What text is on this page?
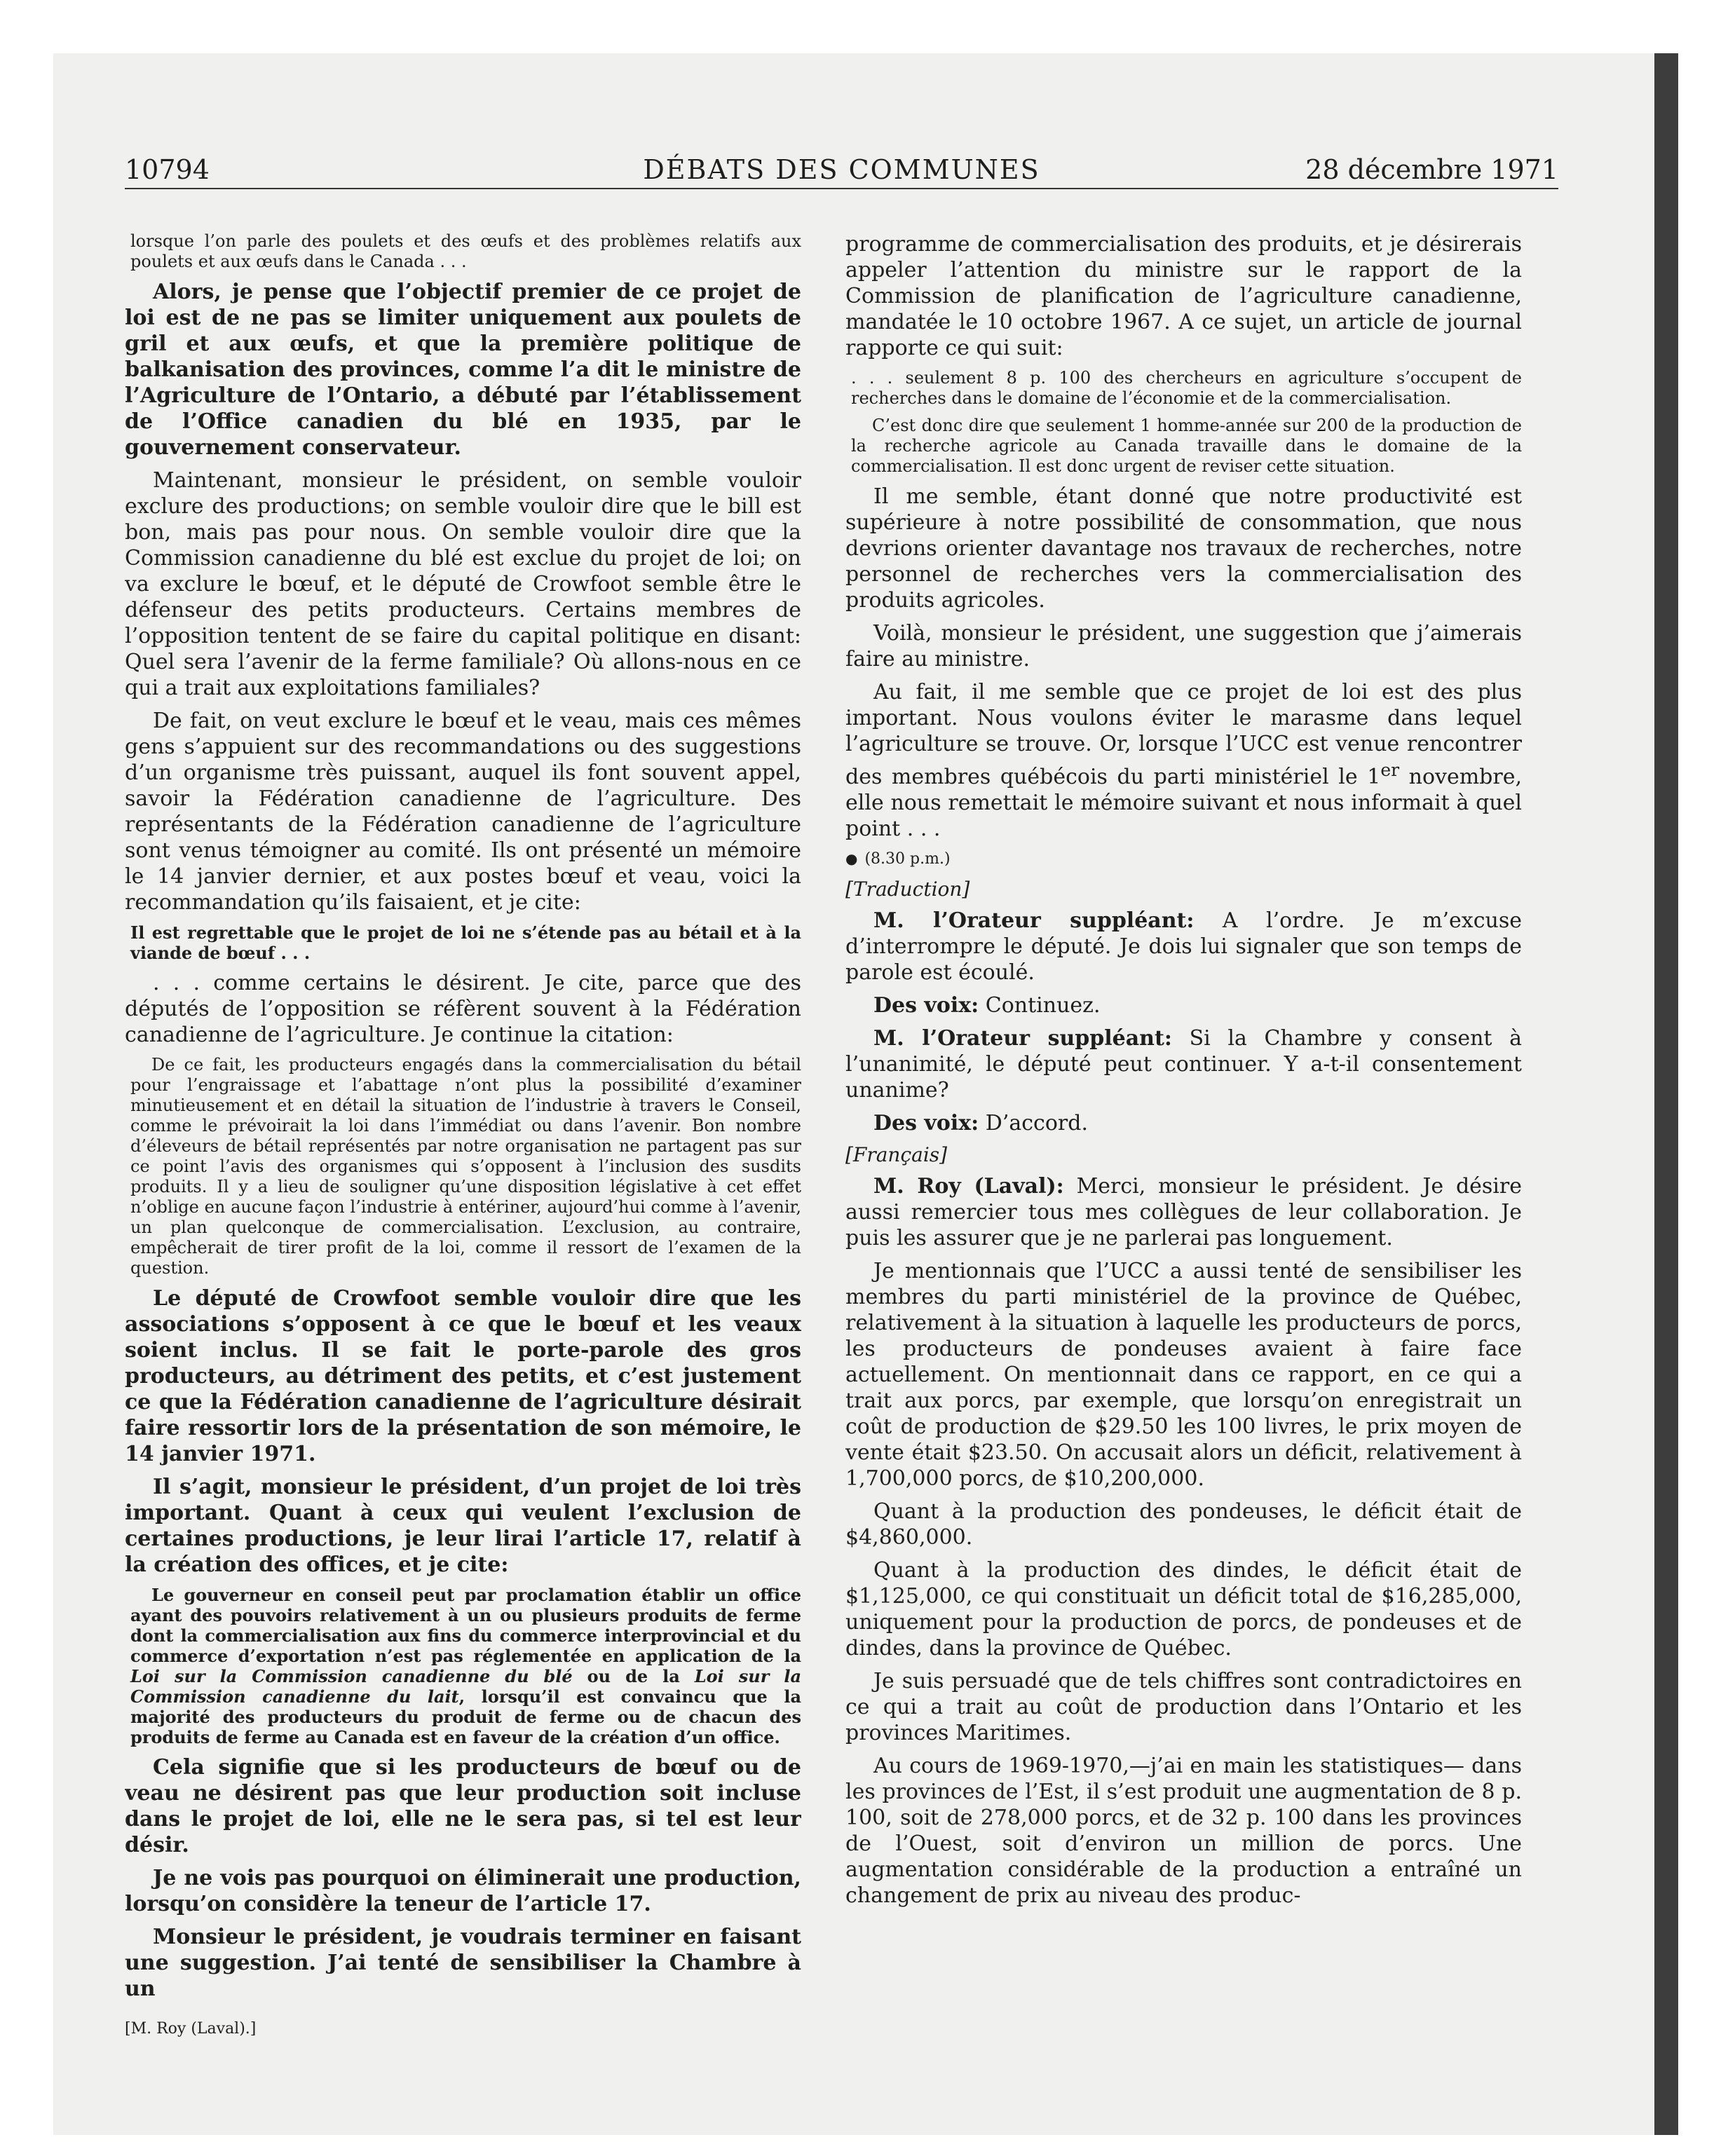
10794	DÉBATS DES COMMUNES	28 décembre 1971

lorsque l’on parle des poulets et des œufs et des problèmes relatifs aux poulets et aux œufs dans le Canada . . .

Alors, je pense que l’objectif premier de ce projet de loi est de ne pas se limiter uniquement aux poulets de gril et aux œufs, et que la première politique de balkanisation des provinces, comme l’a dit le ministre de l’Agriculture de l’Ontario, a débuté par l’établissement de l’Office canadien du blé en 1935, par le gouvernement conservateur.

Maintenant, monsieur le président, on semble vouloir exclure des productions; on semble vouloir dire que le bill est bon, mais pas pour nous. On semble vouloir dire que la Commission canadienne du blé est exclue du projet de loi; on va exclure le bœuf, et le député de Crowfoot semble être le défenseur des petits producteurs. Certains membres de l’opposition tentent de se faire du capital politique en disant: Quel sera l’avenir de la ferme familiale? Où allons-nous en ce qui a trait aux exploitations familiales?

De fait, on veut exclure le bœuf et le veau, mais ces mêmes gens s’appuient sur des recommandations ou des suggestions d’un organisme très puissant, auquel ils font souvent appel, savoir la Fédération canadienne de l’agriculture. Des représentants de la Fédération canadienne de l’agriculture sont venus témoigner au comité. Ils ont présenté un mémoire le 14 janvier dernier, et aux postes bœuf et veau, voici la recommandation qu’ils faisaient, et je cite:

Il est regrettable que le projet de loi ne s’étende pas au bétail et à la viande de bœuf . . .

. . . comme certains le désirent. Je cite, parce que des députés de l’opposition se réfèrent souvent à la Fédération canadienne de l’agriculture. Je continue la citation:

De ce fait, les producteurs engagés dans la commercialisation du bétail pour l’engraissage et l’abattage n’ont plus la possibilité d’examiner minutieusement et en détail la situation de l’industrie à travers le Conseil, comme le prévoirait la loi dans l’immédiat ou dans l’avenir. Bon nombre d’éleveurs de bétail représentés par notre organisation ne partagent pas sur ce point l’avis des organismes qui s’opposent à l’inclusion des susdits produits. Il y a lieu de souligner qu’une disposition législative à cet effet n’oblige en aucune façon l’industrie à entériner, aujourd’hui comme à l’avenir, un plan quelconque de commercialisation. L’exclusion, au contraire, empêcherait de tirer profit de la loi, comme il ressort de l’examen de la question.

Le député de Crowfoot semble vouloir dire que les associations s’opposent à ce que le bœuf et les veaux soient inclus. Il se fait le porte-parole des gros producteurs, au détriment des petits, et c’est justement ce que la Fédération canadienne de l’agriculture désirait faire ressortir lors de la présentation de son mémoire, le 14 janvier 1971.

Il s’agit, monsieur le président, d’un projet de loi très important. Quant à ceux qui veulent l’exclusion de certaines productions, je leur lirai l’article 17, relatif à la création des offices, et je cite:

Le gouverneur en conseil peut par proclamation établir un office ayant des pouvoirs relativement à un ou plusieurs produits de ferme dont la commercialisation aux fins du commerce interprovincial et du commerce d’exportation n’est pas réglementée en application de la Loi sur la Commission canadienne du blé ou de la Loi sur la Commission canadienne du lait, lorsqu’il est convaincu que la majorité des producteurs du produit de ferme ou de chacun des produits de ferme au Canada est en faveur de la création d’un office.

Cela signifie que si les producteurs de bœuf ou de veau ne désirent pas que leur production soit incluse dans le projet de loi, elle ne le sera pas, si tel est leur désir.

Je ne vois pas pourquoi on éliminerait une production, lorsqu’on considère la teneur de l’article 17.

Monsieur le président, je voudrais terminer en faisant une suggestion. J’ai tenté de sensibiliser la Chambre à un

[M. Roy (Laval).]

programme de commercialisation des produits, et je désirerais appeler l’attention du ministre sur le rapport de la Commission de planification de l’agriculture canadienne, mandatée le 10 octobre 1967. A ce sujet, un article de journal rapporte ce qui suit:

. . . seulement 8 p. 100 des chercheurs en agriculture s’occupent de recherches dans le domaine de l’économie et de la commercialisation.

C’est donc dire que seulement 1 homme-année sur 200 de la production de la recherche agricole au Canada travaille dans le domaine de la commercialisation. Il est donc urgent de reviser cette situation.

Il me semble, étant donné que notre productivité est supérieure à notre possibilité de consommation, que nous devrions orienter davantage nos travaux de recherches, notre personnel de recherches vers la commercialisation des produits agricoles.

Voilà, monsieur le président, une suggestion que j’aimerais faire au ministre.

Au fait, il me semble que ce projet de loi est des plus important. Nous voulons éviter le marasme dans lequel l’agriculture se trouve. Or, lorsque l’UCC est venue rencontrer des membres québécois du parti ministériel le 1er novembre, elle nous remettait le mémoire suivant et nous informait à quel point . . .

● (8.30 p.m.)

[Traduction]

M. l’Orateur suppléant: A l’ordre. Je m’excuse d’interrompre le député. Je dois lui signaler que son temps de parole est écoulé.

Des voix: Continuez.

M. l’Orateur suppléant: Si la Chambre y consent à l’unanimité, le député peut continuer. Y a-t-il consentement unanime?

Des voix: D’accord.

[Français]

M. Roy (Laval): Merci, monsieur le président. Je désire aussi remercier tous mes collègues de leur collaboration. Je puis les assurer que je ne parlerai pas longuement.

Je mentionnais que l’UCC a aussi tenté de sensibiliser les membres du parti ministériel de la province de Québec, relativement à la situation à laquelle les producteurs de porcs, les producteurs de pondeuses avaient à faire face actuellement. On mentionnait dans ce rapport, en ce qui a trait aux porcs, par exemple, que lorsqu’on enregistrait un coût de production de $29.50 les 100 livres, le prix moyen de vente était $23.50. On accusait alors un déficit, relativement à 1,700,000 porcs, de $10,200,000.

Quant à la production des pondeuses, le déficit était de $4,860,000.

Quant à la production des dindes, le déficit était de $1,125,000, ce qui constituait un déficit total de $16,285,000, uniquement pour la production de porcs, de pondeuses et de dindes, dans la province de Québec.

Je suis persuadé que de tels chiffres sont contradictoires en ce qui a trait au coût de production dans l’Ontario et les provinces Maritimes.

Au cours de 1969-1970,—j’ai en main les statistiques— dans les provinces de l’Est, il s’est produit une augmentation de 8 p. 100, soit de 278,000 porcs, et de 32 p. 100 dans les provinces de l’Ouest, soit d’environ un million de porcs. Une augmentation considérable de la production a entraîné un changement de prix au niveau des produc-
